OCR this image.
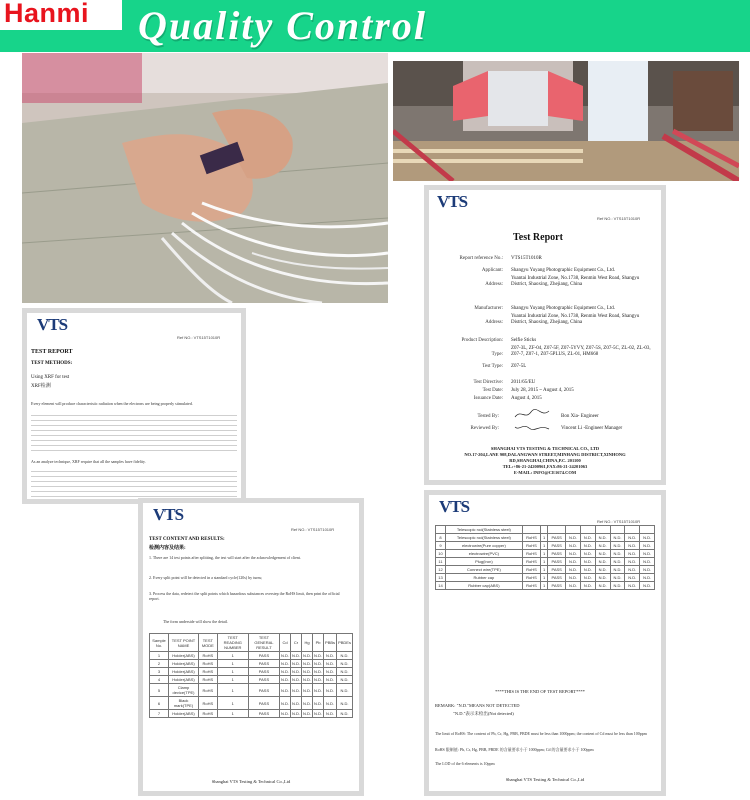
Hanmi Quality Control
VTS
Ref NO.: VTS15T1010R
TEST REPORT
TEST METHODS:
Using XRF for test
XRF检测
Every element will produce characteristic radiation when the electrons are being properly stimulated.
As an analyze technique, XRF require that all the samples have fidelity.
VTS
Ref NO.: VTS15T1010R
Test Report
Report reference No.: VTS15T1010R
Applicant: Shangyu Yuyang Photographic Equipment Co., Ltd.
Address:
Yuantai Industrial Zone, No.1738, Renmin West Road, Shangyu District, Shaoxing, Zhejiang, China
Manufacturer: Shangyu Yuyang Photographic Equipment Co., Ltd.
Address:
Yuantai Industrial Zone, No.1738, Renmin West Road, Shangyu District, Shaoxing, Zhejiang, China
Product Description: Selfie Sticks
Type:
Z07-3L, ZF-04, Z07-5F, Z07-5YVY, Z07-5S, Z07-5C, ZL-02, ZL-03, Z07-7, Z07-1, Z07-5PLUS, ZL-01, HM668
Test Type: Z07-5L
Test Directive: 2011/65/EU
Test Date: July 28, 2015 ~ August 4, 2015
Issuance Date: August 4, 2015
Tested By:	Bon Xia- Engineer
Reviewed By:	Vincent Li -Engineer Manager
SHANGHAI VTS TESTING & TECHNICAL CO., LTD
NO.17-204,LANE 908,DALANGWAN STREET,MINHANG DISTRICT,XINHONG
RD,SHANGHAI,CHINA,P.C. 201100
TEL:+86-21-24200961,FAX:86-21-24201063
E-MAIL: INFO@CE1674.COM
VTS
Ref NO.: VTS15T1010R
TEST CONTENT AND RESULTS:
检测内容及结果:
1. There are 14 test points after splitting, the test will start after the acknowledgement of client.
2. Every split point will be detected in a standard cycle(120s) by turns;
3. Process the data, redetect the split points which hazardous substances overstep the RoHS limit, then print the official report.
The form underside will show the detail.
Sample No.	TEST POINT NAME	TEST MODE	TEST READING NUMBER	TEST GENERAL RESULT	Cd	Cr	Hg	Pb	PBBs	PBDEs
1	Holder(ABS)	RoHS	1	PASS	N.D.	N.D.	N.D.	N.D.	N.D.	N.D.
2	Holder(ABS)	RoHS	1	PASS	N.D.	N.D.	N.D.	N.D.	N.D.	N.D.
3	Holder(ABS)	RoHS	1	PASS	N.D.	N.D.	N.D.	N.D.	N.D.	N.D.
4	Holder(ABS)	RoHS	1	PASS	N.D.	N.D.	N.D.	N.D.	N.D.	N.D.
5	Clamp device(TPE)	RoHS	1	PASS	N.D.	N.D.	N.D.	N.D.	N.D.	N.D.
6	Black mark(TPE)	RoHS	1	PASS	N.D.	N.D.	N.D.	N.D.	N.D.	N.D.
7	Holder(ABS)	RoHS	1	PASS	N.D.	N.D.	N.D.	N.D.	N.D.	N.D.
Shanghai VTS Testing & Technical Co.,Ltd
VTS
Ref NO.: VTS15T1010R
	Telescopic rod(Stainless steel)									
8	Telescopic rod(Stainless steel)	RoHS	1	PASS	N.D.	N.D.	N.D.	N.D.	N.D.	N.D.
9	electrowire(Pure copper)	RoHS	1	PASS	N.D.	N.D.	N.D.	N.D.	N.D.	N.D.
10	electrowire(PVC)	RoHS	1	PASS	N.D.	N.D.	N.D.	N.D.	N.D.	N.D.
11	Plug(Iron)	RoHS	1	PASS	N.D.	N.D.	N.D.	N.D.	N.D.	N.D.
12	Connect wire(TPE)	RoHS	1	PASS	N.D.	N.D.	N.D.	N.D.	N.D.	N.D.
13	Rubber cap	RoHS	1	PASS	N.D.	N.D.	N.D.	N.D.	N.D.	N.D.
14	Rubber cap(ABS)	RoHS	1	PASS	N.D.	N.D.	N.D.	N.D.	N.D.	N.D.
****THIS IS THE END OF TEST REPORT****
REMARK: "N.D."MEANS NOT DETECTED
"N.D."表示未检出(Not detected)
The limit of RoHS: The content of Pb, Cr, Hg, PBB, PBDE must be less than 1000ppm; the content of Cd must be less than 100ppm
RoHS 限制值: Pb, Cr, Hg, PBB, PBDE 的含量要求小于 1000ppm; Cd 的含量要求小于 100ppm
The LOD of the 6 elements is 10ppm
Shanghai VTS Testing & Technical Co.,Ltd
